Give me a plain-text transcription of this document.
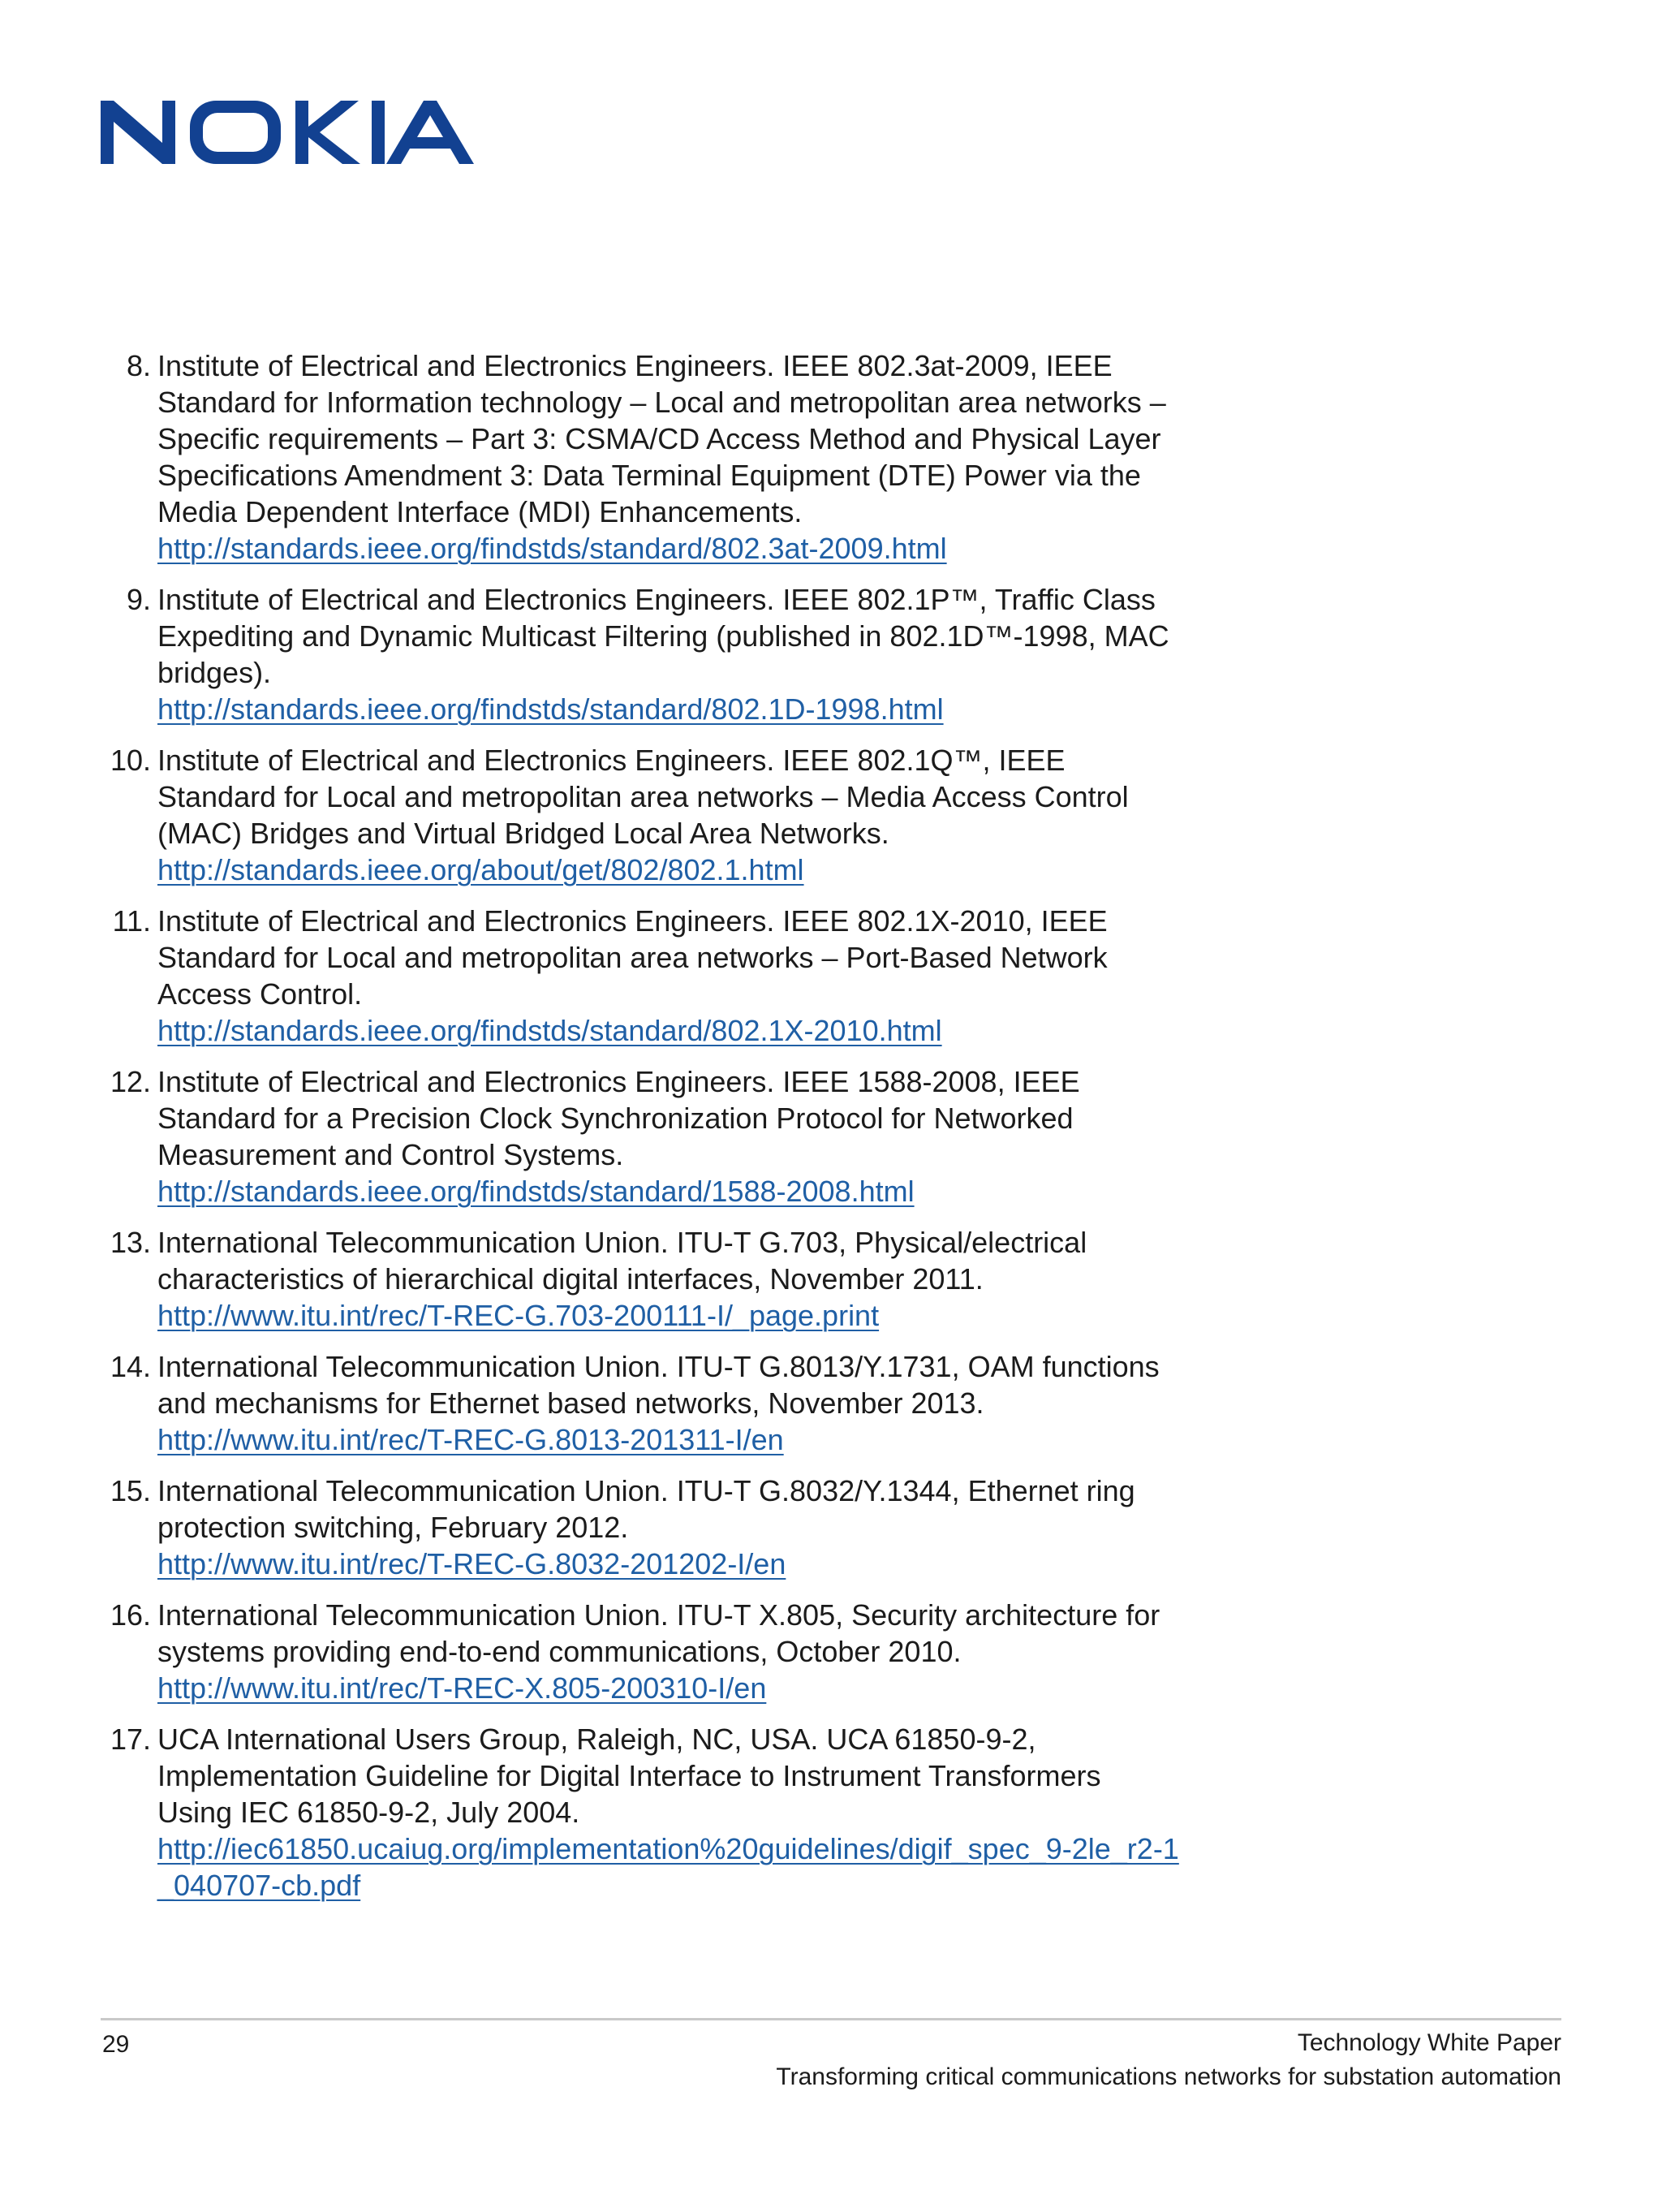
8. Institute of Electrical and Electronics Engineers. IEEE 802.3at-2009, IEEE Standard for Information technology – Local and metropolitan area networks – Specific requirements – Part 3: CSMA/CD Access Method and Physical Layer Specifications Amendment 3: Data Terminal Equipment (DTE) Power via the Media Dependent Interface (MDI) Enhancements.
http://standards.ieee.org/findstds/standard/802.3at-2009.html
9. Institute of Electrical and Electronics Engineers. IEEE 802.1P™, Traffic Class Expediting and Dynamic Multicast Filtering (published in 802.1D™-1998, MAC bridges).
http://standards.ieee.org/findstds/standard/802.1D-1998.html
10. Institute of Electrical and Electronics Engineers. IEEE 802.1Q™, IEEE Standard for Local and metropolitan area networks – Media Access Control (MAC) Bridges and Virtual Bridged Local Area Networks.
http://standards.ieee.org/about/get/802/802.1.html
11. Institute of Electrical and Electronics Engineers. IEEE 802.1X-2010, IEEE Standard for Local and metropolitan area networks – Port-Based Network Access Control.
http://standards.ieee.org/findstds/standard/802.1X-2010.html
12. Institute of Electrical and Electronics Engineers. IEEE 1588-2008, IEEE Standard for a Precision Clock Synchronization Protocol for Networked Measurement and Control Systems.
http://standards.ieee.org/findstds/standard/1588-2008.html
13. International Telecommunication Union. ITU-T G.703, Physical/electrical characteristics of hierarchical digital interfaces, November 2011.
http://www.itu.int/rec/T-REC-G.703-200111-I/_page.print
14. International Telecommunication Union. ITU-T G.8013/Y.1731, OAM functions and mechanisms for Ethernet based networks, November 2013.
http://www.itu.int/rec/T-REC-G.8013-201311-I/en
15. International Telecommunication Union. ITU-T G.8032/Y.1344, Ethernet ring protection switching, February 2012.
http://www.itu.int/rec/T-REC-G.8032-201202-I/en
16. International Telecommunication Union. ITU-T X.805, Security architecture for systems providing end-to-end communications, October 2010.
http://www.itu.int/rec/T-REC-X.805-200310-I/en
17. UCA International Users Group, Raleigh, NC, USA. UCA 61850-9-2, Implementation Guideline for Digital Interface to Instrument Transformers Using IEC 61850-9-2, July 2004.
http://iec61850.ucaiug.org/implementation%20guidelines/digif_spec_9-2le_r2-1_040707-cb.pdf
29	Technology White Paper
Transforming critical communications networks for substation automation
